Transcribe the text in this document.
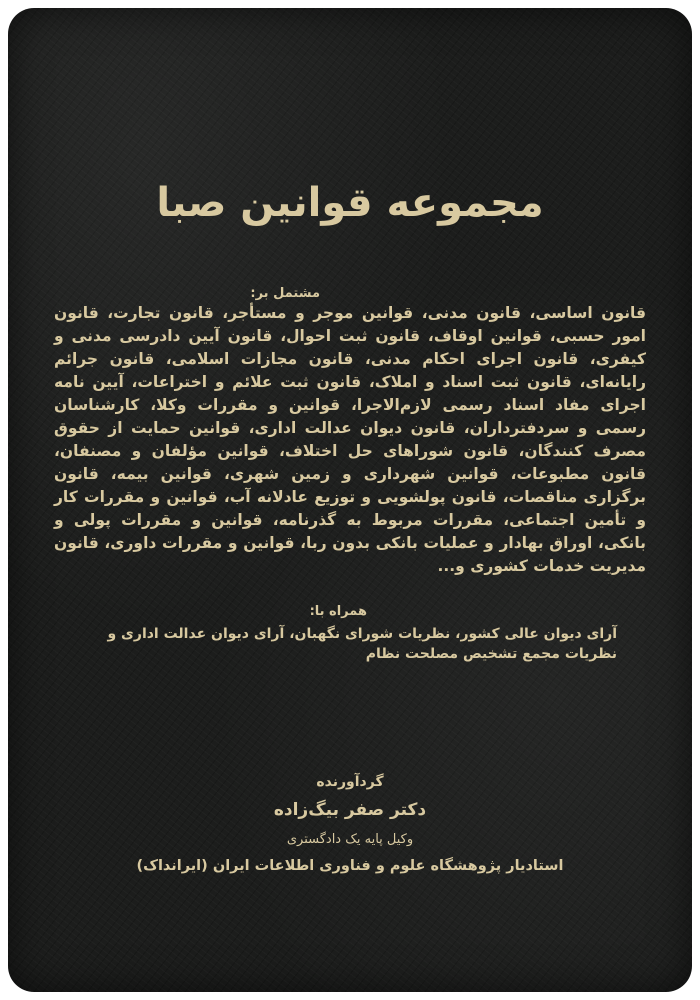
مجموعه قوانین صبا
مشتمل بر:
قانون اساسی، قانون مدنی، قوانین موجر و مستأجر، قانون تجارت، قانون امور حسبی، قوانین اوقاف، قانون ثبت احوال، قانون آیین دادرسی مدنی و کیفری، قانون اجرای احکام مدنی، قانون مجازات اسلامی، قانون جرائم رایانه‌ای، قانون ثبت اسناد و املاک، قانون ثبت علائم و اختراعات، آیین نامه اجرای مفاد اسناد رسمی لازم‌الاجرا، قوانین و مقررات وکلا، کارشناسان رسمی و سردفترداران، قانون دیوان عدالت اداری، قوانین حمایت از حقوق مصرف کنندگان، قانون شوراهای حل اختلاف، قوانین مؤلفان و مصنفان، قانون مطبوعات، قوانین شهرداری و زمین شهری، قوانین بیمه، قانون برگزاری مناقصات، قانون پولشویی و توزیع عادلانه آب، قوانین و مقررات کار و تأمین اجتماعی، مقررات مربوط به گذرنامه، قوانین و مقررات پولی و بانکی، اوراق بهادار و عملیات بانکی بدون ربا، قوانین و مقررات داوری، قانون مدیریت خدمات کشوری و...
همراه با:
آرای دیوان عالی کشور، نظریات شورای نگهبان، آرای دیوان عدالت اداری و نظریات مجمع تشخیص مصلحت نظام
گردآورنده
دکتر صفر بیگ‌زاده
وکیل پایه یک دادگستری
استادیار پژوهشگاه علوم و فناوری اطلاعات ایران (ایرانداک)
